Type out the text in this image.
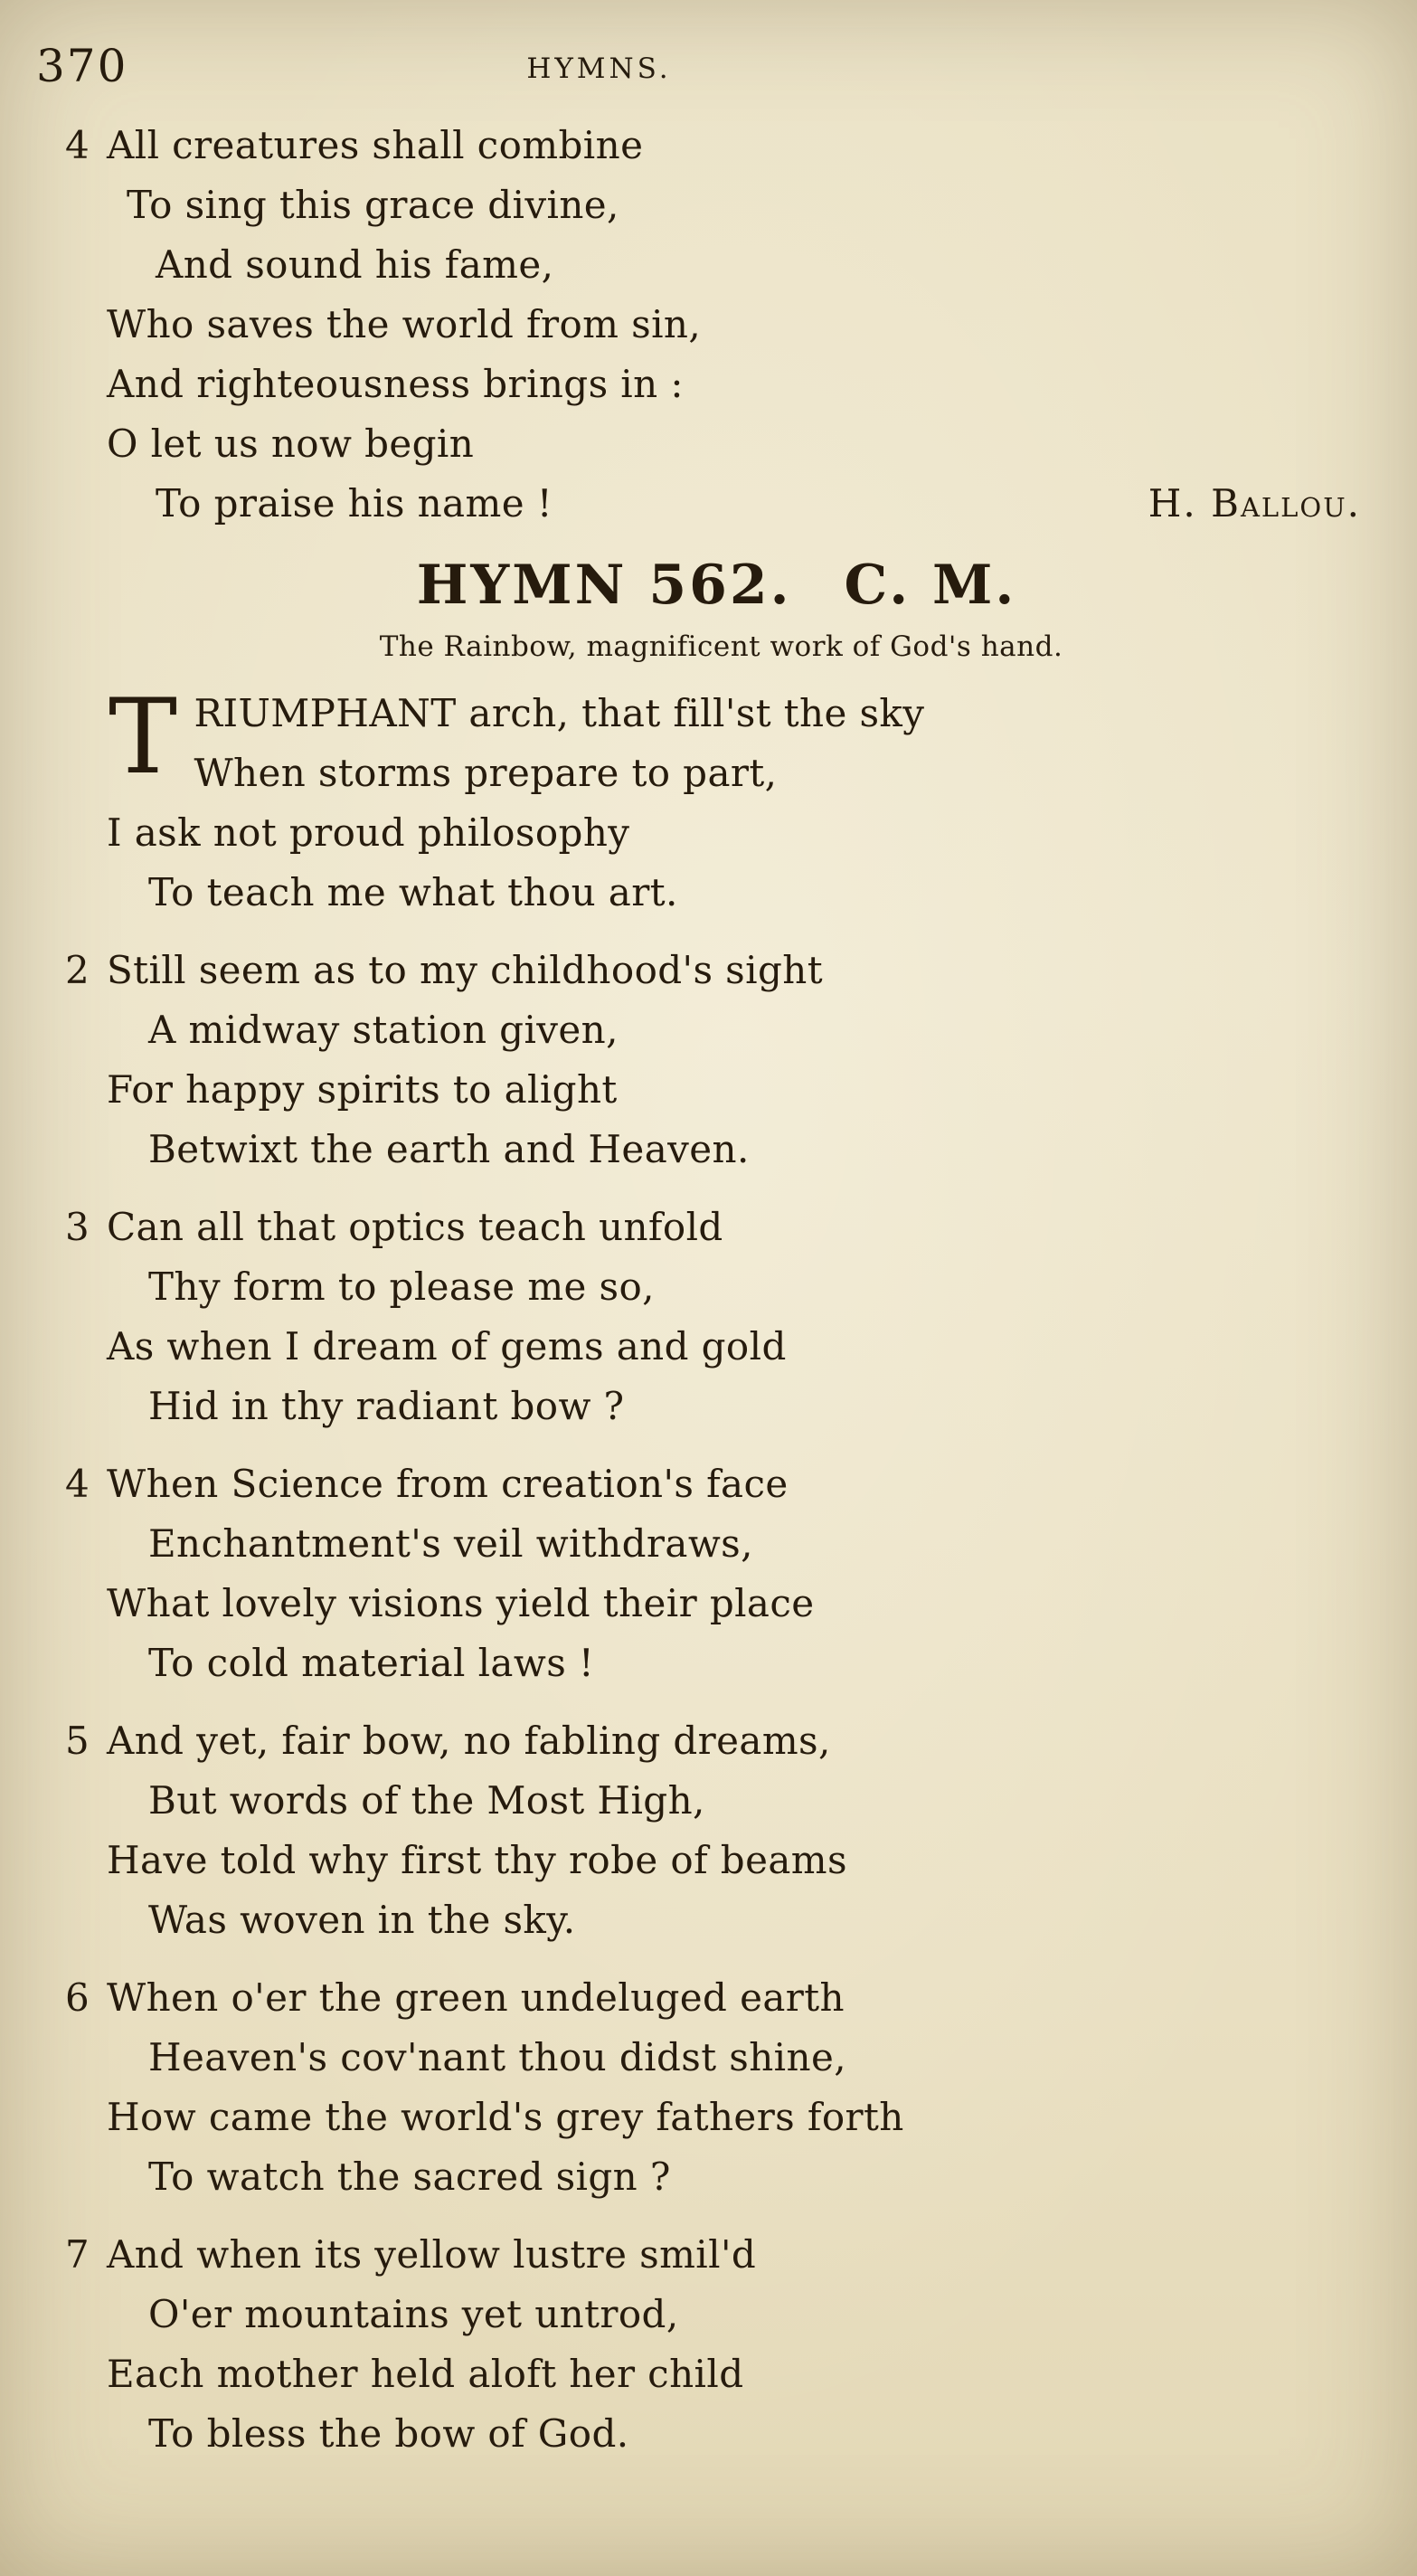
370	HYMNS.
4 All creatures shall combine
To sing this grace divine,
And sound his fame,
Who saves the world from sin,
And righteousness brings in :
O let us now begin
To praise his name !	H. Ballou.
HYMN 562. C. M.
The Rainbow, magnificent work of God's hand.
T RIUMPHANT arch, that fill'st the sky
When storms prepare to part,
I ask not proud philosophy
To teach me what thou art.
2 Still seem as to my childhood's sight
A midway station given,
For happy spirits to alight
Betwixt the earth and Heaven.
3 Can all that optics teach unfold
Thy form to please me so,
As when I dream of gems and gold
Hid in thy radiant bow ?
4 When Science from creation's face
Enchantment's veil withdraws,
What lovely visions yield their place
To cold material laws !
5 And yet, fair bow, no fabling dreams,
But words of the Most High,
Have told why first thy robe of beams
Was woven in the sky.
6 When o'er the green undeluged earth
Heaven's cov'nant thou didst shine,
How came the world's grey fathers forth
To watch the sacred sign ?
7 And when its yellow lustre smil'd
O'er mountains yet untrod,
Each mother held aloft her child
To bless the bow of God.
